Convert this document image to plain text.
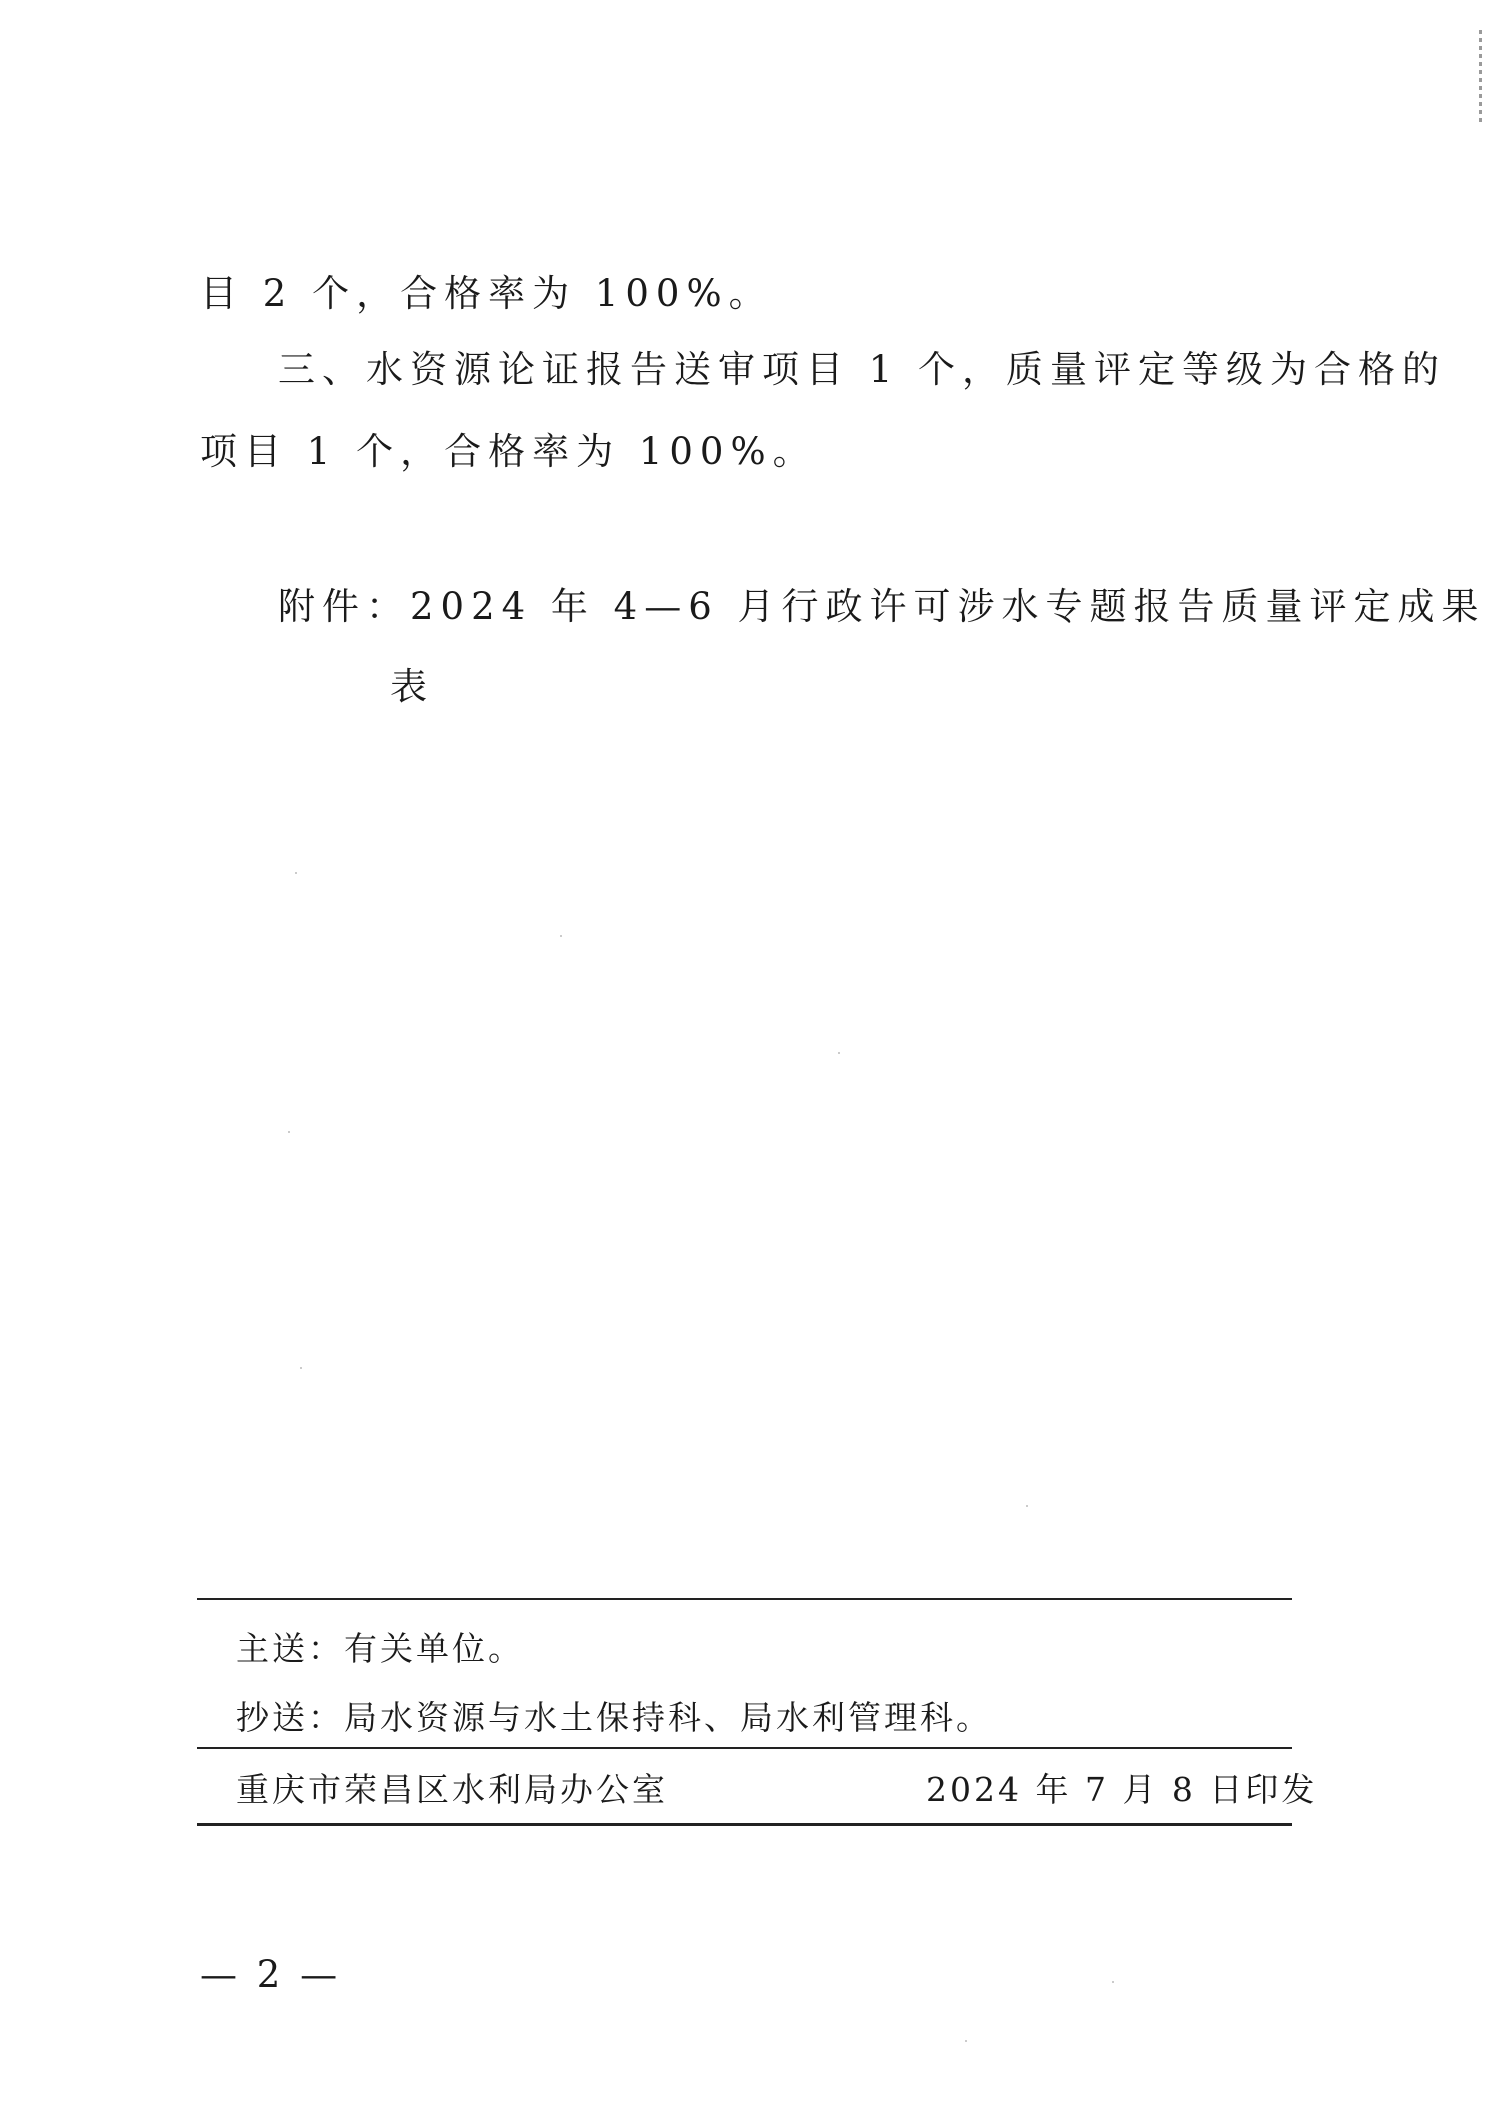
目 2 个，合格率为 100%。
三、水资源论证报告送审项目 1 个，质量评定等级为合格的
项目 1 个，合格率为 100%。
附件：2024 年 4—6 月行政许可涉水专题报告质量评定成果
表
主送：有关单位。
抄送：局水资源与水土保持科、局水利管理科。
重庆市荣昌区水利局办公室	2024 年 7 月 8 日印发
— 2 —
